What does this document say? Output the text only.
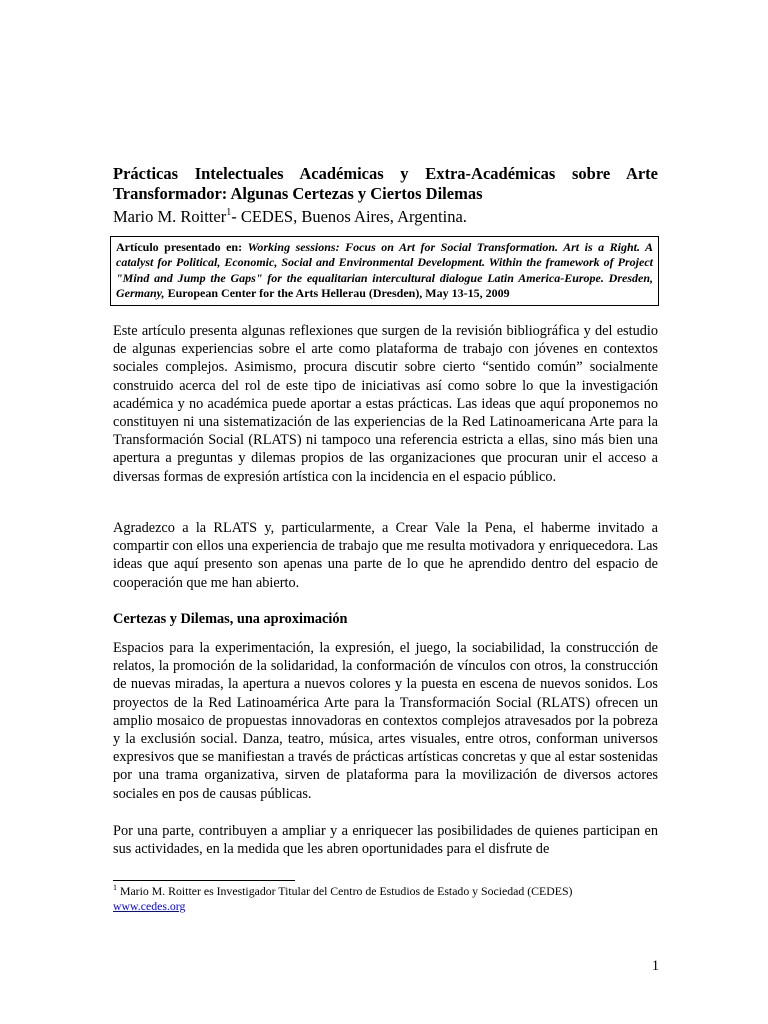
Prácticas Intelectuales Académicas y Extra-Académicas sobre Arte Transformador: Algunas Certezas y Ciertos Dilemas

Mario M. Roitter$^1$- CEDES, Buenos Aires, Argentina.

Artículo presentado en: Working sessions: Focus on Art for Social Transformation. Art is a Right. A catalyst for Political, Economic, Social and Environmental Development. Within the framework of Project "Mind and Jump the Gaps" for the equalitarian intercultural dialogue Latin America-Europe. Dresden, Germany, European Center for the Arts Hellerau (Dresden), May 13-15, 2009

Este artículo presenta algunas reflexiones que surgen de la revisión bibliográfica y del estudio de algunas experiencias sobre el arte como plataforma de trabajo con jóvenes en contextos sociales complejos. Asimismo, procura discutir sobre cierto “sentido común” socialmente construido acerca del rol de este tipo de iniciativas así como sobre lo que la investigación académica y no académica puede aportar a estas prácticas. Las ideas que aquí proponemos no constituyen ni una sistematización de las experiencias de la Red Latinoamericana Arte para la Transformación Social (RLATS) ni tampoco una referencia estricta a ellas, sino más bien una apertura a preguntas y dilemas propios de las organizaciones que procuran unir el acceso a diversas formas de expresión artística con la incidencia en el espacio público.

Agradezco a la RLATS y, particularmente, a Crear Vale la Pena, el haberme invitado a compartir con ellos una experiencia de trabajo que me resulta motivadora y enriquecedora. Las ideas que aquí presento son apenas una parte de lo que he aprendido dentro del espacio de cooperación que me han abierto.

Certezas y Dilemas, una aproximación

Espacios para la experimentación, la expresión, el juego, la sociabilidad, la construcción de relatos, la promoción de la solidaridad, la conformación de vínculos con otros, la construcción de nuevas miradas, la apertura a nuevos colores y la puesta en escena de nuevos sonidos. Los proyectos de la Red Latinoamérica Arte para la Transformación Social (RLATS) ofrecen un amplio mosaico de propuestas innovadoras en contextos complejos atravesados por la pobreza y la exclusión social. Danza, teatro, música, artes visuales, entre otros, conforman universos expresivos que se manifiestan a través de prácticas artísticas concretas y que al estar sostenidas por una trama organizativa, sirven de plataforma para la movilización de diversos actores sociales en pos de causas públicas.

Por una parte, contribuyen a ampliar y a enriquecer las posibilidades de quienes participan en sus actividades, en la medida que les abren oportunidades para el disfrute de

$^1$ Mario M. Roitter es Investigador Titular del Centro de Estudios de Estado y Sociedad (CEDES)
www.cedes.org

1
